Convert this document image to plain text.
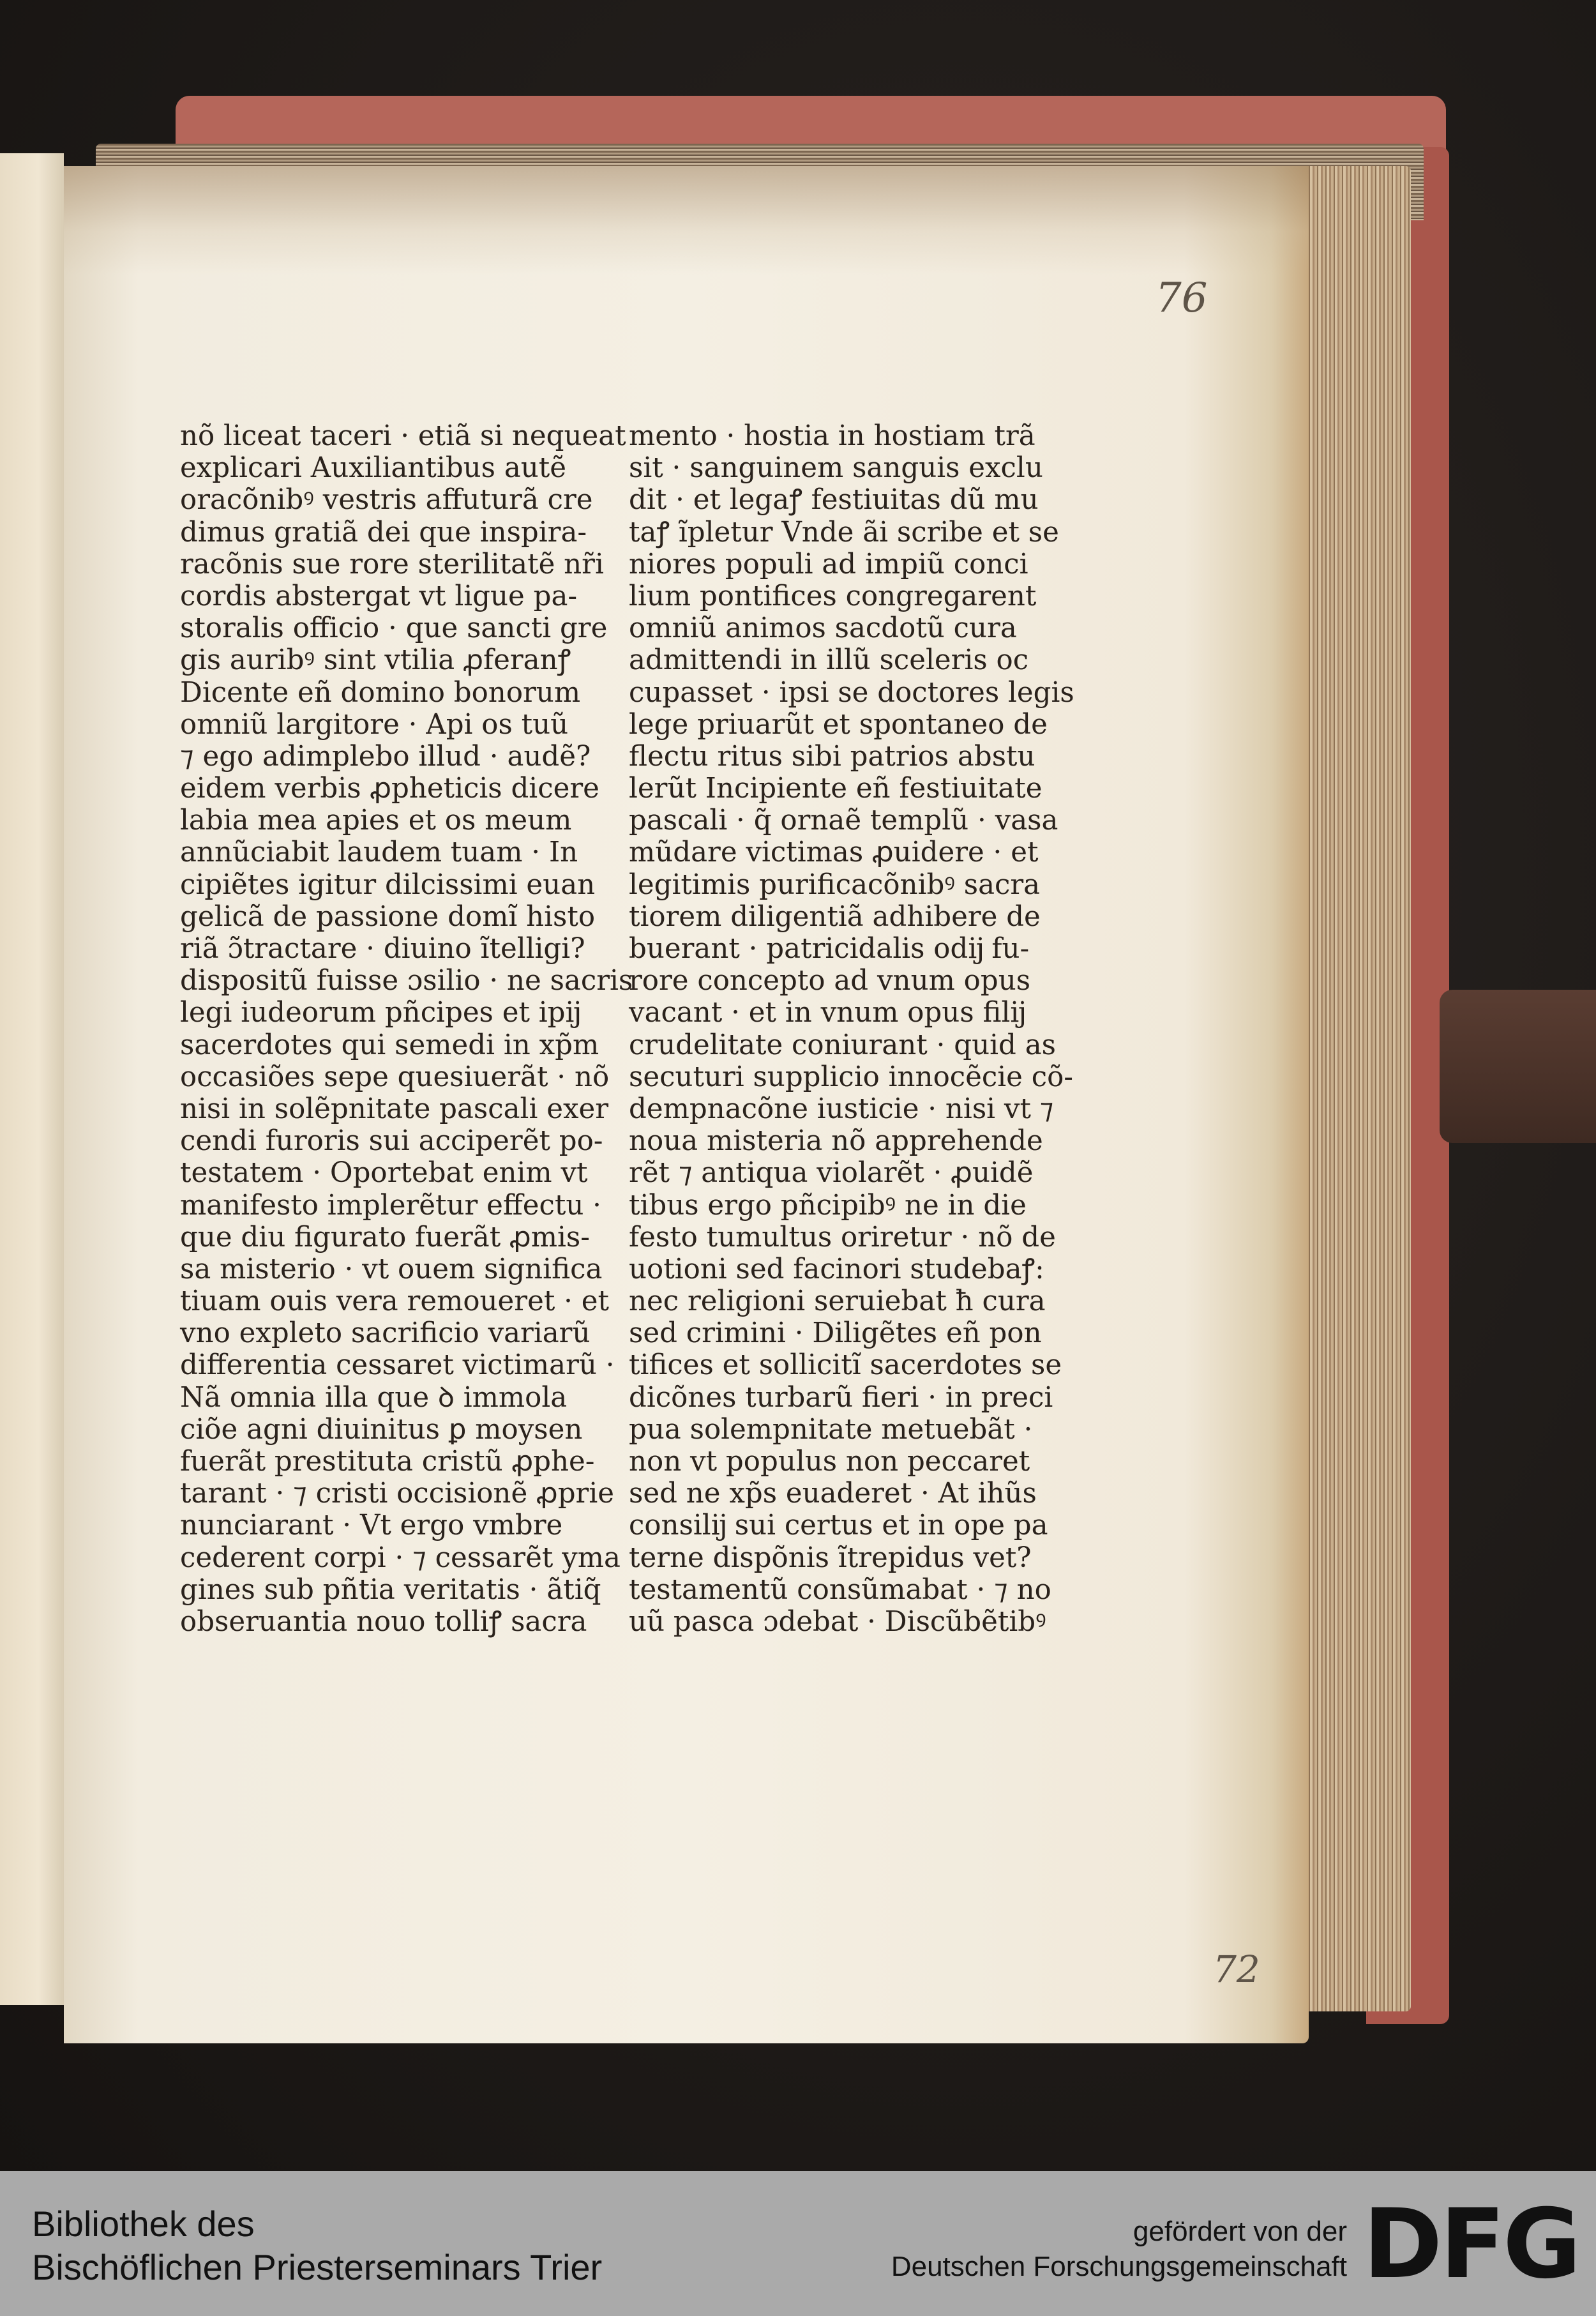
76
72
nõ liceat taceri · etiã si nequeat
explicari Auxiliantibus autẽ
oracõnibꝰ vestris affuturã cre
dimus gratiã dei que inspira-
racõnis sue rore sterilitatẽ nr̃i
cordis abstergat vt ligue pa-
storalis officio · que sancti gre
gis auribꝰ sint vtilia ꝓferanꝭ
Dicente eñ domino bonorum
omniũ largitore · Api os tuũ
⁊ ego adimplebo illud · audẽ?
eidem verbis ꝓpheticis dicere
labia mea apies et os meum
annũciabit laudem tuam · In
cipiẽtes igitur dilcissimi euan
gelicã de passione domĩ histo
riã ɔ̃tractare · diuino ĩtelligi?
dispositũ fuisse ɔsilio · ne sacris
legi iudeorum pñcipes et ipĳ
sacerdotes qui semedi in xp̃m
occasiões sepe quesiuerãt · nõ
nisi in solẽpnitate pascali exer
cendi furoris sui acciperẽt po-
testatem · Oportebat enim vt
manifesto implerẽtur effectu ·
que diu figurato fuerãt ꝓmis-
sa misterio · vt ouem significa
tiuam ouis vera remoueret · et
vno expleto sacrificio variarũ
differentia cessaret victimarũ ·
Nã omnia illa que ꝺ immola
ciõe agni diuinitus ꝑ moysen
fuerãt prestituta cristũ ꝓphe-
tarant · ⁊ cristi occisionẽ ꝓprie
nunciarant · Vt ergo vmbre
cederent corpi · ⁊ cessarẽt yma
gines sub pñtia veritatis · ãtiq̃
obseruantia nouo tolliꝭ sacra
mento · hostia in hostiam trã
sit · sanguinem sanguis exclu
dit · et legaꝭ festiuitas dũ mu
taꝭ ĩpletur Vnde ãi scribe et se
niores populi ad impiũ conci
lium pontifices congregarent
omniũ animos sacdotũ cura
admittendi in illũ sceleris oc
cupasset · ipsi se doctores legis
lege priuarũt et spontaneo de
flectu ritus sibi patrios abstu
lerũt Incipiente eñ festiuitate
pascali · q̃ ornaẽ templũ · vasa
mũdare victimas ꝓuidere · et
legitimis purificacõnibꝰ sacra
tiorem diligentiã adhibere de
buerant · patricidalis odĳ fu-
rore concepto ad vnum opus
vacant · et in vnum opus filĳ
crudelitate coniurant · quid as
secuturi supplicio innocẽcie cõ-
dempnacõne iusticie · nisi vt ⁊
noua misteria nõ apprehende
rẽt ⁊ antiqua violarẽt · ꝓuidẽ
tibus ergo pñcipibꝰ ne in die
festo tumultus oriretur · nõ de
uotioni sed facinori studebaꝭ:
nec religioni seruiebat ħ cura
sed crimini · Diligẽtes eñ pon
tifices et sollicitĩ sacerdotes se
dicõnes turbarũ fieri · in preci
pua solempnitate metuebãt ·
non vt populus non peccaret
sed ne xp̃s euaderet · At ihũs
consilĳ sui certus et in ope pa
terne dispõnis ĩtrepidus vet?
testamentũ consũmabat · ⁊ no
uũ pasca ɔdebat · Discũbẽtibꝰ
Bibliothek des
Bischöflichen Priesterseminars Trier
gefördert von der
Deutschen Forschungsgemeinschaft DFG
